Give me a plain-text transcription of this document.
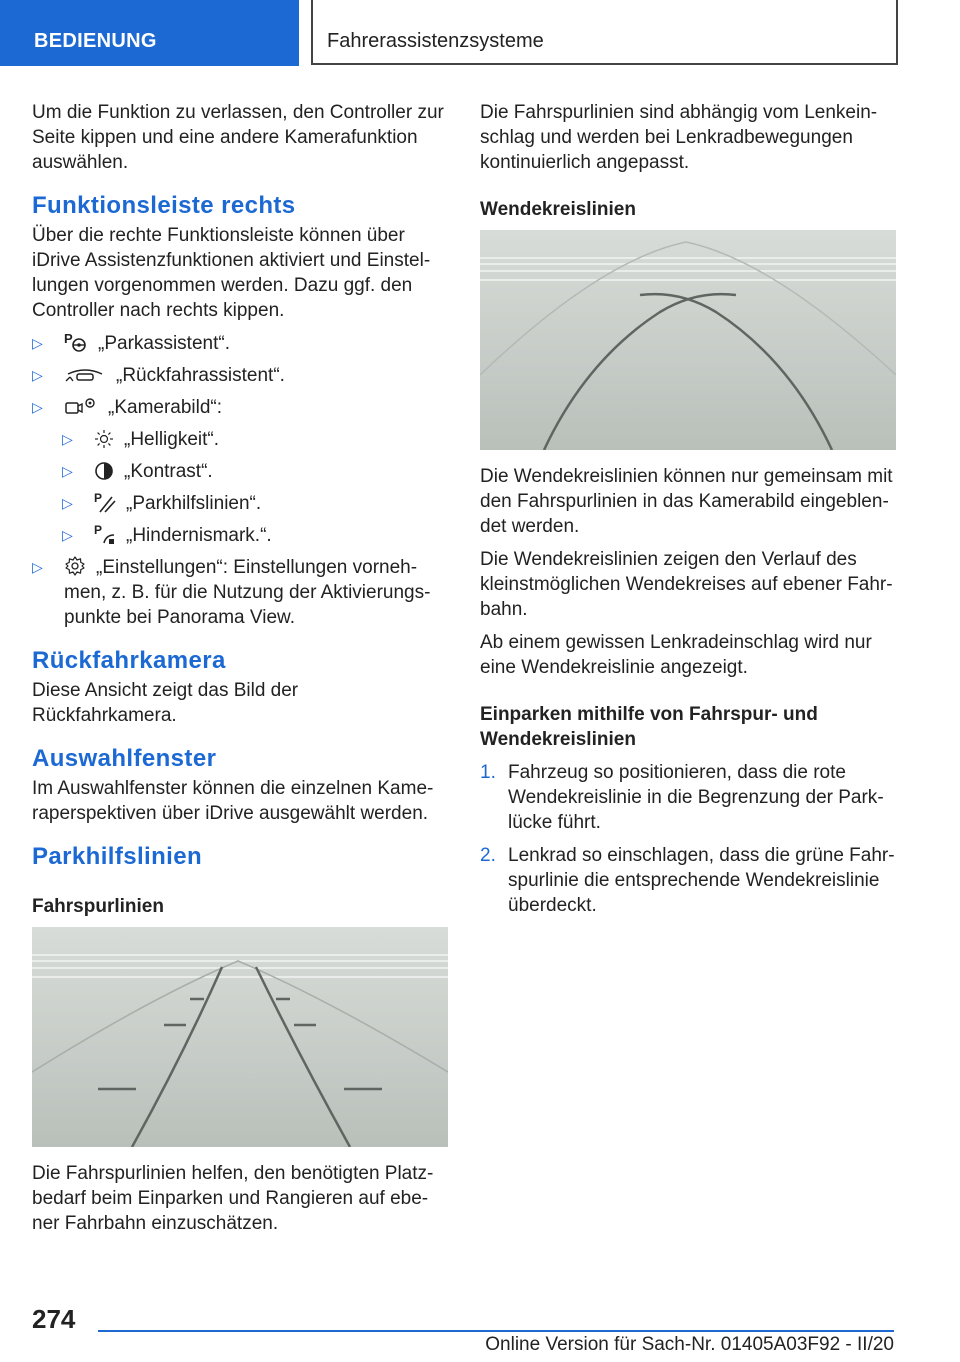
BEDIENUNG	Fahrerassistenzsysteme

Um die Funktion zu verlassen, den Controller zur Seite kippen und eine andere Kamerafunktion auswählen.

Funktionsleiste rechts

Über die rechte Funktionsleiste können über iDrive Assistenzfunktionen aktiviert und Einstellungen vorgenommen werden. Dazu ggf. den Controller nach rechts kippen.

▷ P „Parkassistent“.
▷	„Rückfahrassistent“.
▷	„Kamerabild“:
▷	„Helligkeit“.
▷	„Kontrast“.
▷ P „Parkhilfslinien“.
▷ P „Hindernismark.“.
▷	„Einstellungen“: Einstellungen vornehmen, z. B. für die Nutzung der Aktivierungspunkte bei Panorama View.
Rückfahrkamera

Diese Ansicht zeigt das Bild der Rückfahrkamera.

Auswahlfenster

Im Auswahlfenster können die einzelnen Kameraperspektiven über iDrive ausgewählt werden.

Parkhilfslinien
Fahrspurlinien

Die Fahrspurlinien helfen, den benötigten Platzbedarf beim Einparken und Rangieren auf ebener Fahrbahn einzuschätzen.

Die Fahrspurlinien sind abhängig vom Lenkeinschlag und werden bei Lenkradbewegungen kontinuierlich angepasst.

Wendekreislinien

Die Wendekreislinien können nur gemeinsam mit den Fahrspurlinien in das Kamerabild eingeblendet werden.

Die Wendekreislinien zeigen den Verlauf des kleinstmöglichen Wendekreises auf ebener Fahrbahn.

Ab einem gewissen Lenkradeinschlag wird nur eine Wendekreislinie angezeigt.

Einparken mithilfe von Fahrspur- und Wendekreislinien
1. Fahrzeug so positionieren, dass die rote Wendekreislinie in die Begrenzung der Parklücke führt.
2. Lenkrad so einschlagen, dass die grüne Fahrspurlinie die entsprechende Wendekreislinie überdeckt.
274
Online Version für Sach-Nr. 01405A03F92 - II/20
